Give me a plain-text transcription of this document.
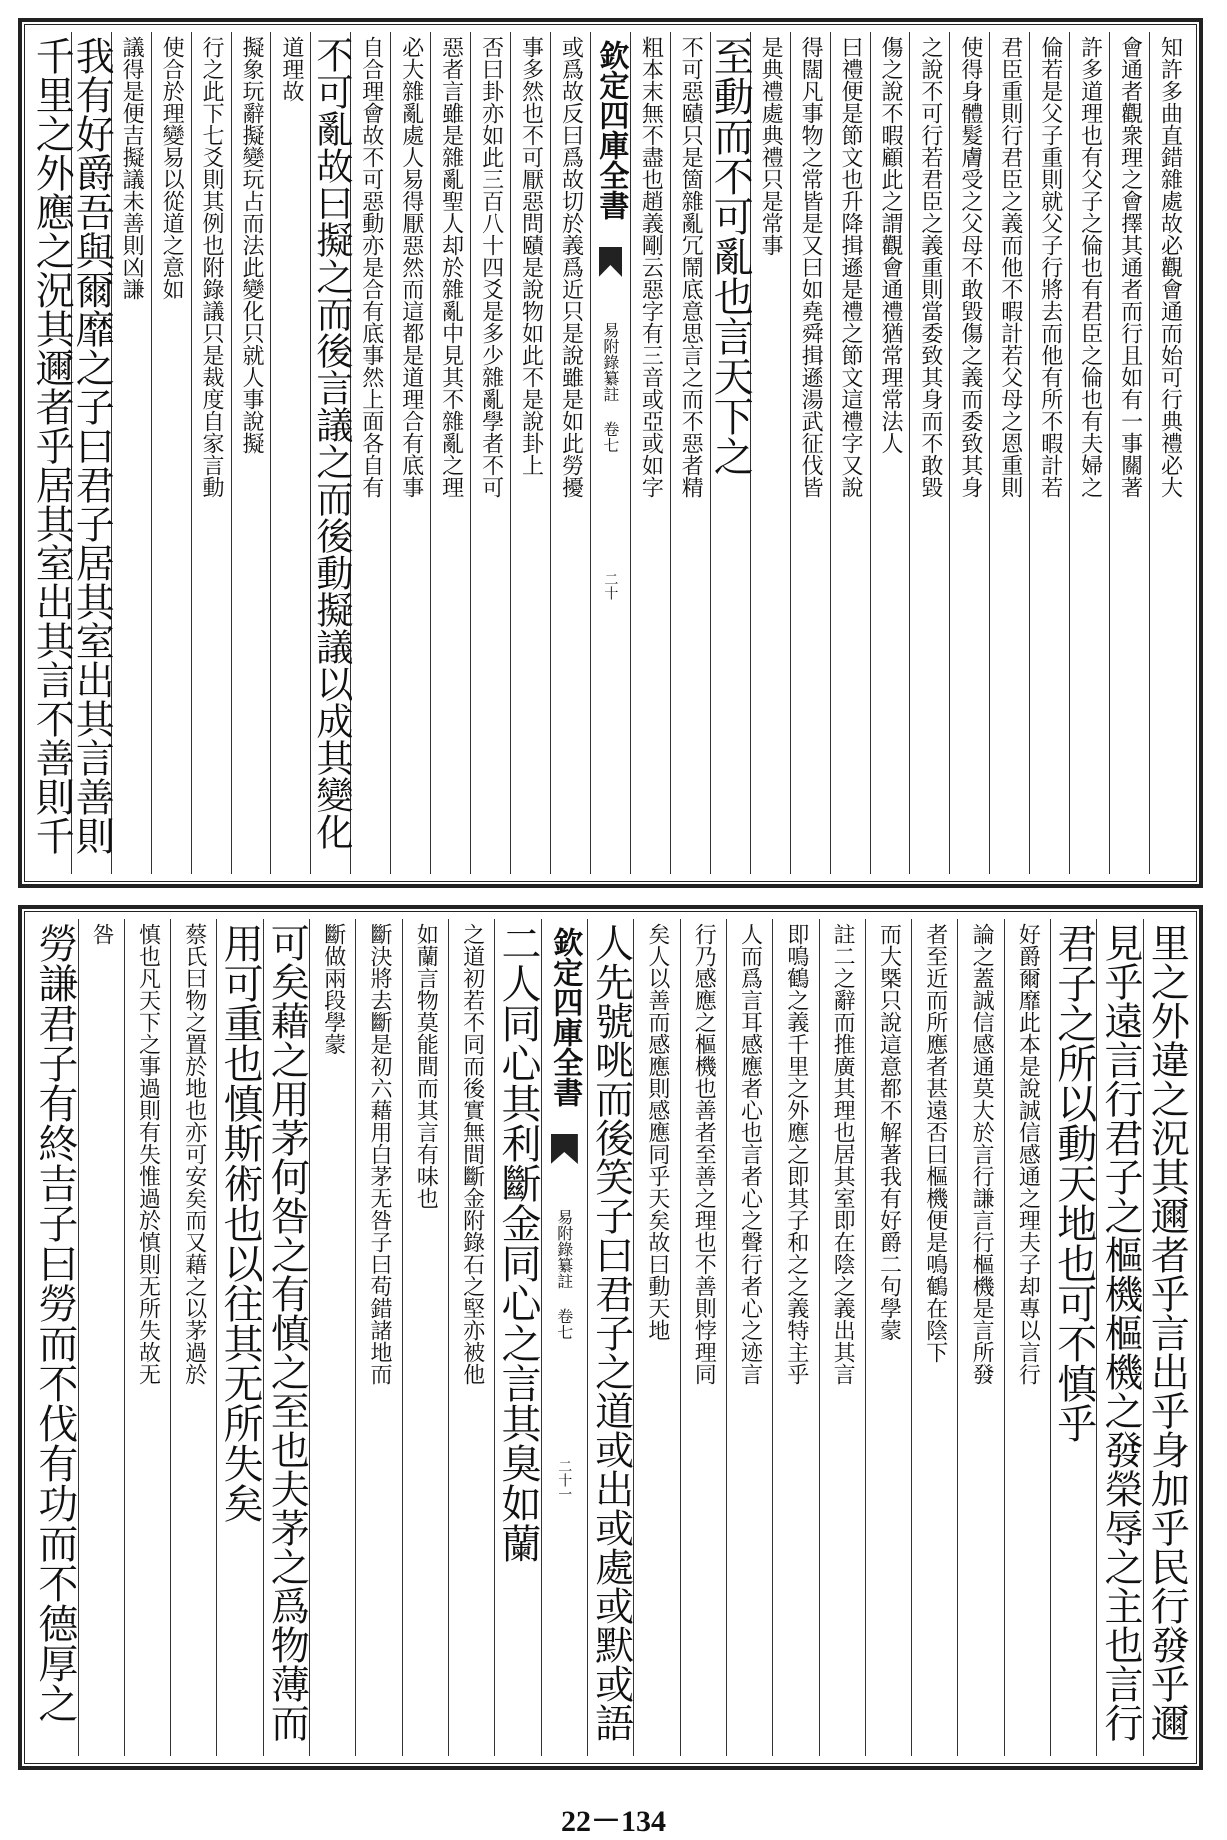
知許多曲直錯雜處故必觀會通而始可行典禮必大
會通者觀衆理之會擇其通者而行且如有一事關著
許多道理也有父子之倫也有君臣之倫也有夫婦之
倫若是父子重則就父子行將去而他有所不暇計若
君臣重則行君臣之義而他不暇計若父母之恩重則
使得身體髮膚受之父母不敢毀傷之義而委致其身
之說不可行若君臣之義重則當委致其身而不敢毀
傷之說不暇顧此之謂觀會通禮猶常理常法人
曰禮便是節文也升降揖遜是禮之節文這禮字又說
得闊凡事物之常皆是又曰如堯舜揖遜湯武征伐皆
是典禮處典禮只是常事
至動而不可亂也言天下之
不可惡賾只是箇雜亂冗鬧底意思言之而不惡者精
粗本末無不盡也趙義剛云惡字有三音或亞或如字
欽定四庫全書
易附錄纂註 卷七
二十
或爲故反曰爲故切於義爲近只是說雖是如此勞擾
事多然也不可厭惡問賾是說物如此不是說卦上
否曰卦亦如此三百八十四爻是多少雜亂學者不可
惡者言雖是雜亂聖人却於雜亂中見其不雜亂之理
必大雜亂處人易得厭惡然而這都是道理合有底事
自合理會故不可惡動亦是合有底事然上面各自有
不可亂故曰擬之而後言議之而後動擬議以成其變化
道理故
擬象玩辭擬變玩占而法此變化只就人事說擬
行之此下七爻則其例也附錄議只是裁度自家言動
使合於理變易以從道之意如
議得是便吉擬議未善則凶謙
我有好爵吾與爾靡之子曰君子居其室出其言善則
千里之外應之況其邇者乎居其室出其言不善則千
里之外違之況其邇者乎言出乎身加乎民行發乎邇
見乎遠言行君子之樞機樞機之發榮辱之主也言行
君子之所以動天地也可不慎乎
好爵爾靡此本是說誠信感通之理夫子却專以言行
論之蓋誠信感通莫大於言行謙言行樞機是言所發
者至近而所應者甚遠否曰樞機便是鳴鶴在陰下
而大槩只說這意都不解著我有好爵二句學蒙
註二之辭而推廣其理也居其室即在陰之義出其言
即鳴鶴之義千里之外應之即其子和之之義特主乎
人而爲言耳感應者心也言者心之聲行者心之迹言
行乃感應之樞機也善者至善之理也不善則悖理同
矣人以善而感應則感應同乎天矣故曰動天地
人先號咷而後笑子曰君子之道或出或處或默或語
欽定四庫全書
易附錄纂註 卷七
二十一
二人同心其利斷金同心之言其臭如蘭
之道初若不同而後實無間斷金附錄石之堅亦被他
如蘭言物莫能間而其言有味也
斷決將去斷是初六藉用白茅无咎子曰苟錯諸地而
斷做兩段學蒙
可矣藉之用茅何咎之有慎之至也夫茅之爲物薄而
用可重也慎斯術也以往其无所失矣
蔡氏曰物之置於地也亦可安矣而又藉之以茅過於
慎也凡天下之事過則有失惟過於慎則无所失故无
咎
勞謙君子有終吉子曰勞而不伐有功而不德厚之
22－134
